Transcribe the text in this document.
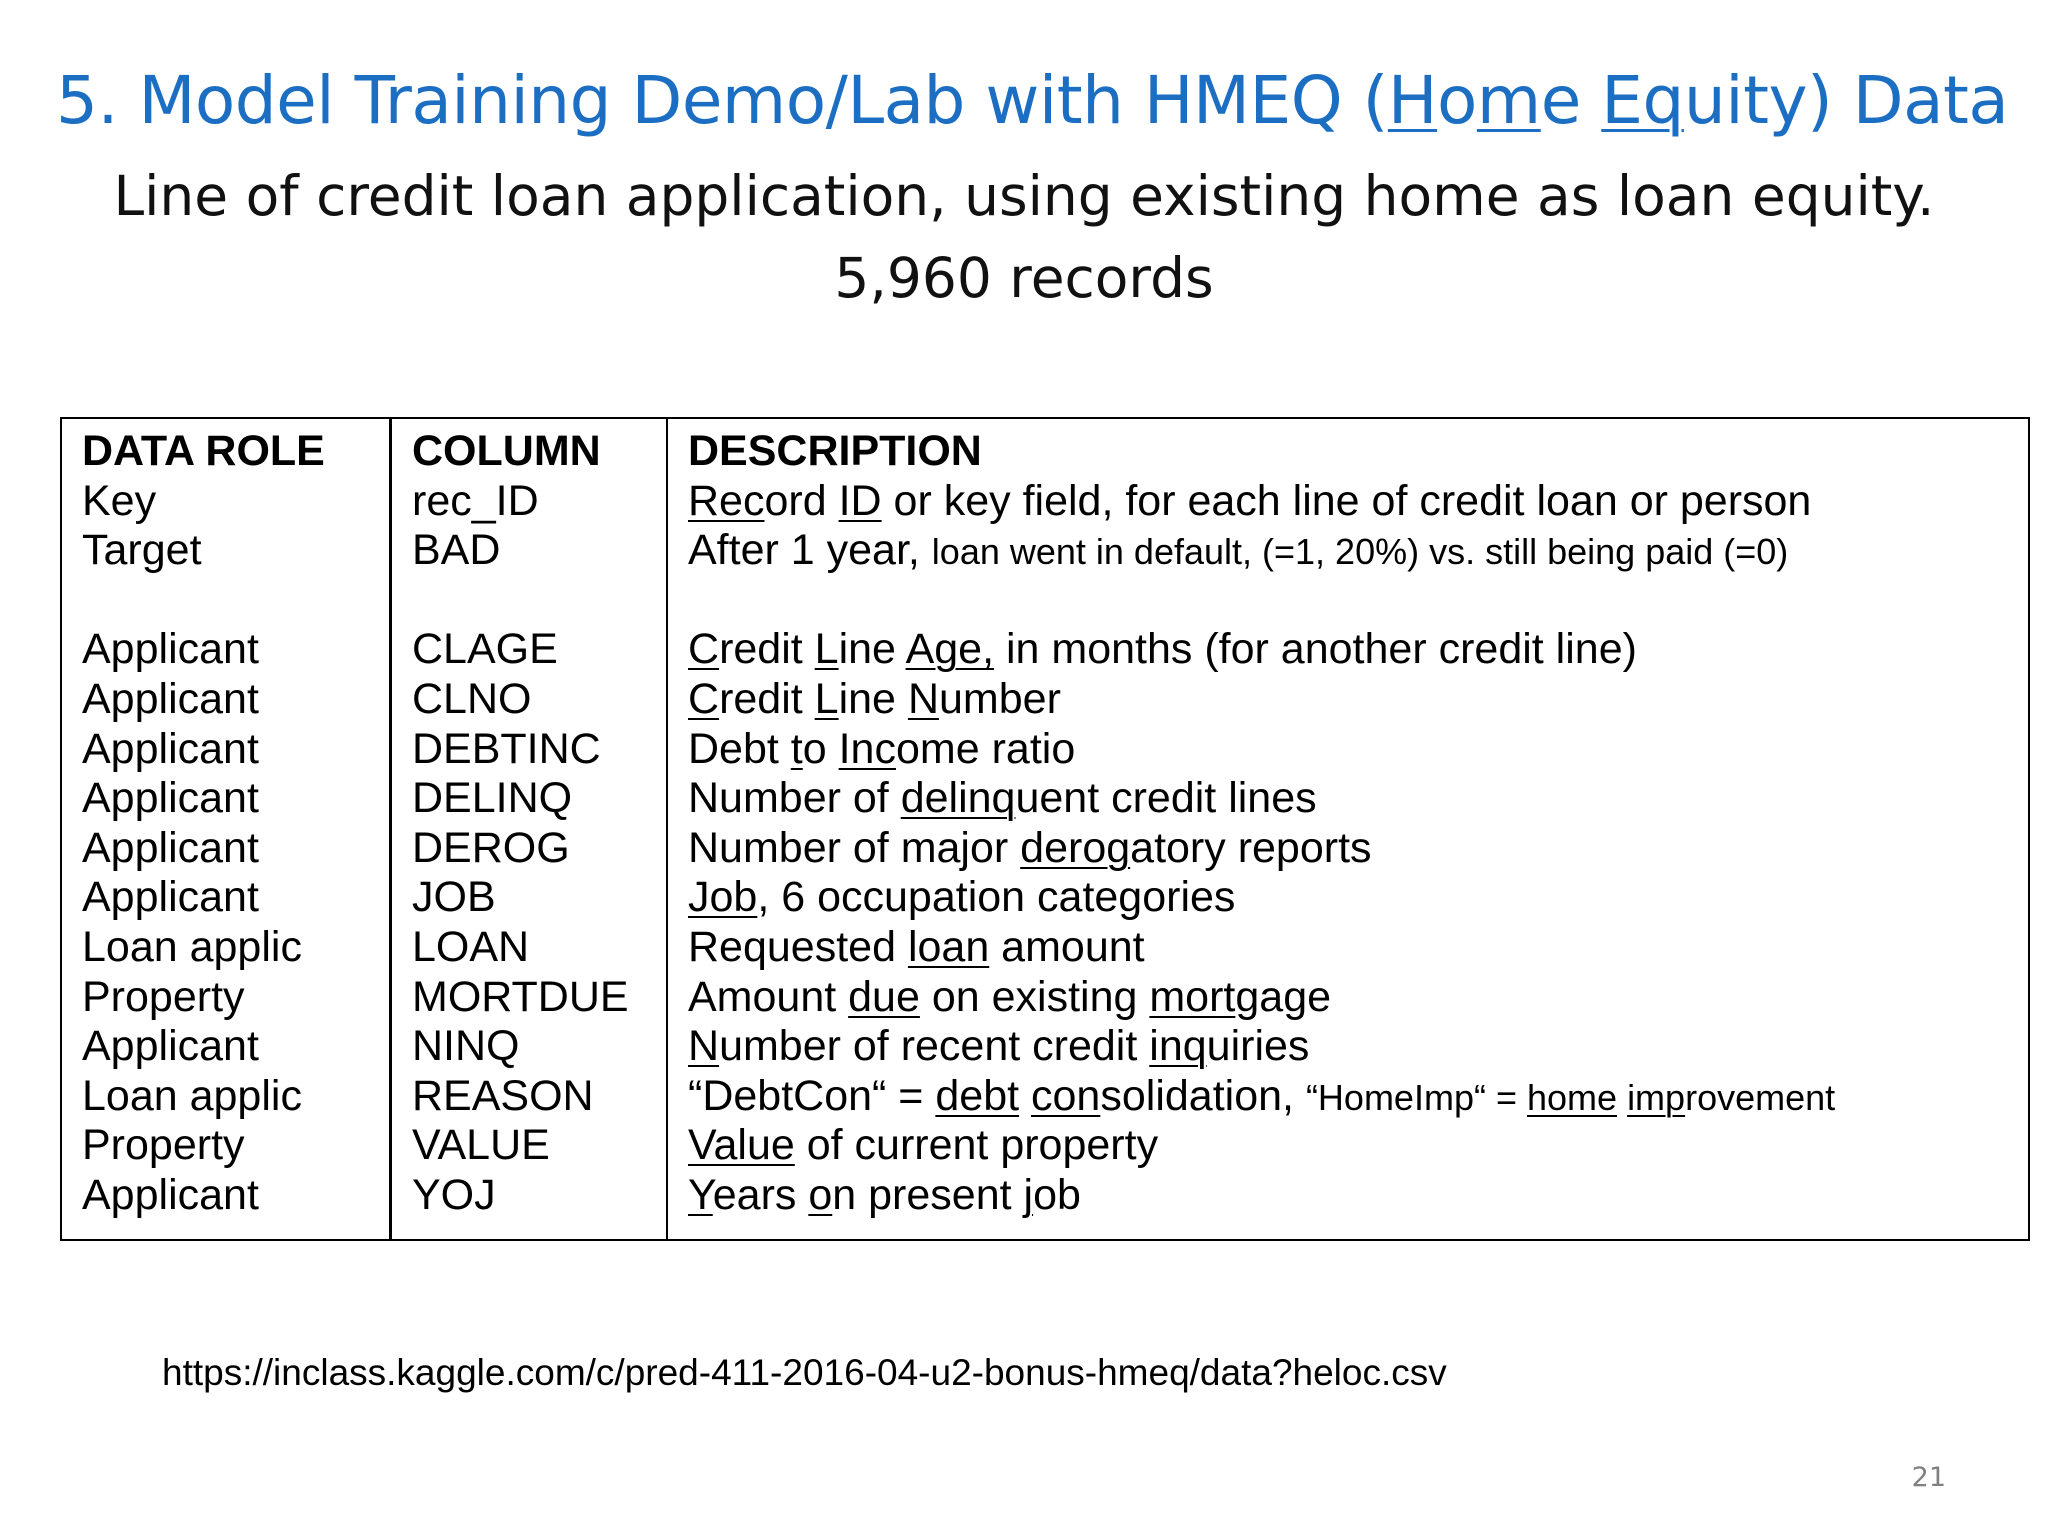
5. Model Training Demo/Lab with HMEQ (Home Equity) Data

Line of credit loan application, using existing home as loan equity.

5,960 records

DATA ROLE
Key
Target
Applicant
Applicant
Applicant
Applicant
Applicant
Applicant
Loan applic
Property
Applicant
Loan applic
Property
Applicant
COLUMN
rec_ID
BAD
CLAGE
CLNO
DEBTINC
DELINQ
DEROG
JOB
LOAN
MORTDUE
NINQ
REASON
VALUE
YOJ
DESCRIPTION
Record ID or key field, for each line of credit loan or person
After 1 year, loan went in default, (=1, 20%) vs. still being paid (=0)
Credit Line Age, in months (for another credit line)
Credit Line Number
Debt to Income ratio
Number of delinquent credit lines
Number of major derogatory reports
Job, 6 occupation categories
Requested loan amount
Amount due on existing mortgage
Number of recent credit inquiries
“DebtCon“ = debt consolidation, “HomeImp“ = home improvement
Value of current property
Years on present job
https://inclass.kaggle.com/c/pred-411-2016-04-u2-bonus-hmeq/data?heloc.csv
21
